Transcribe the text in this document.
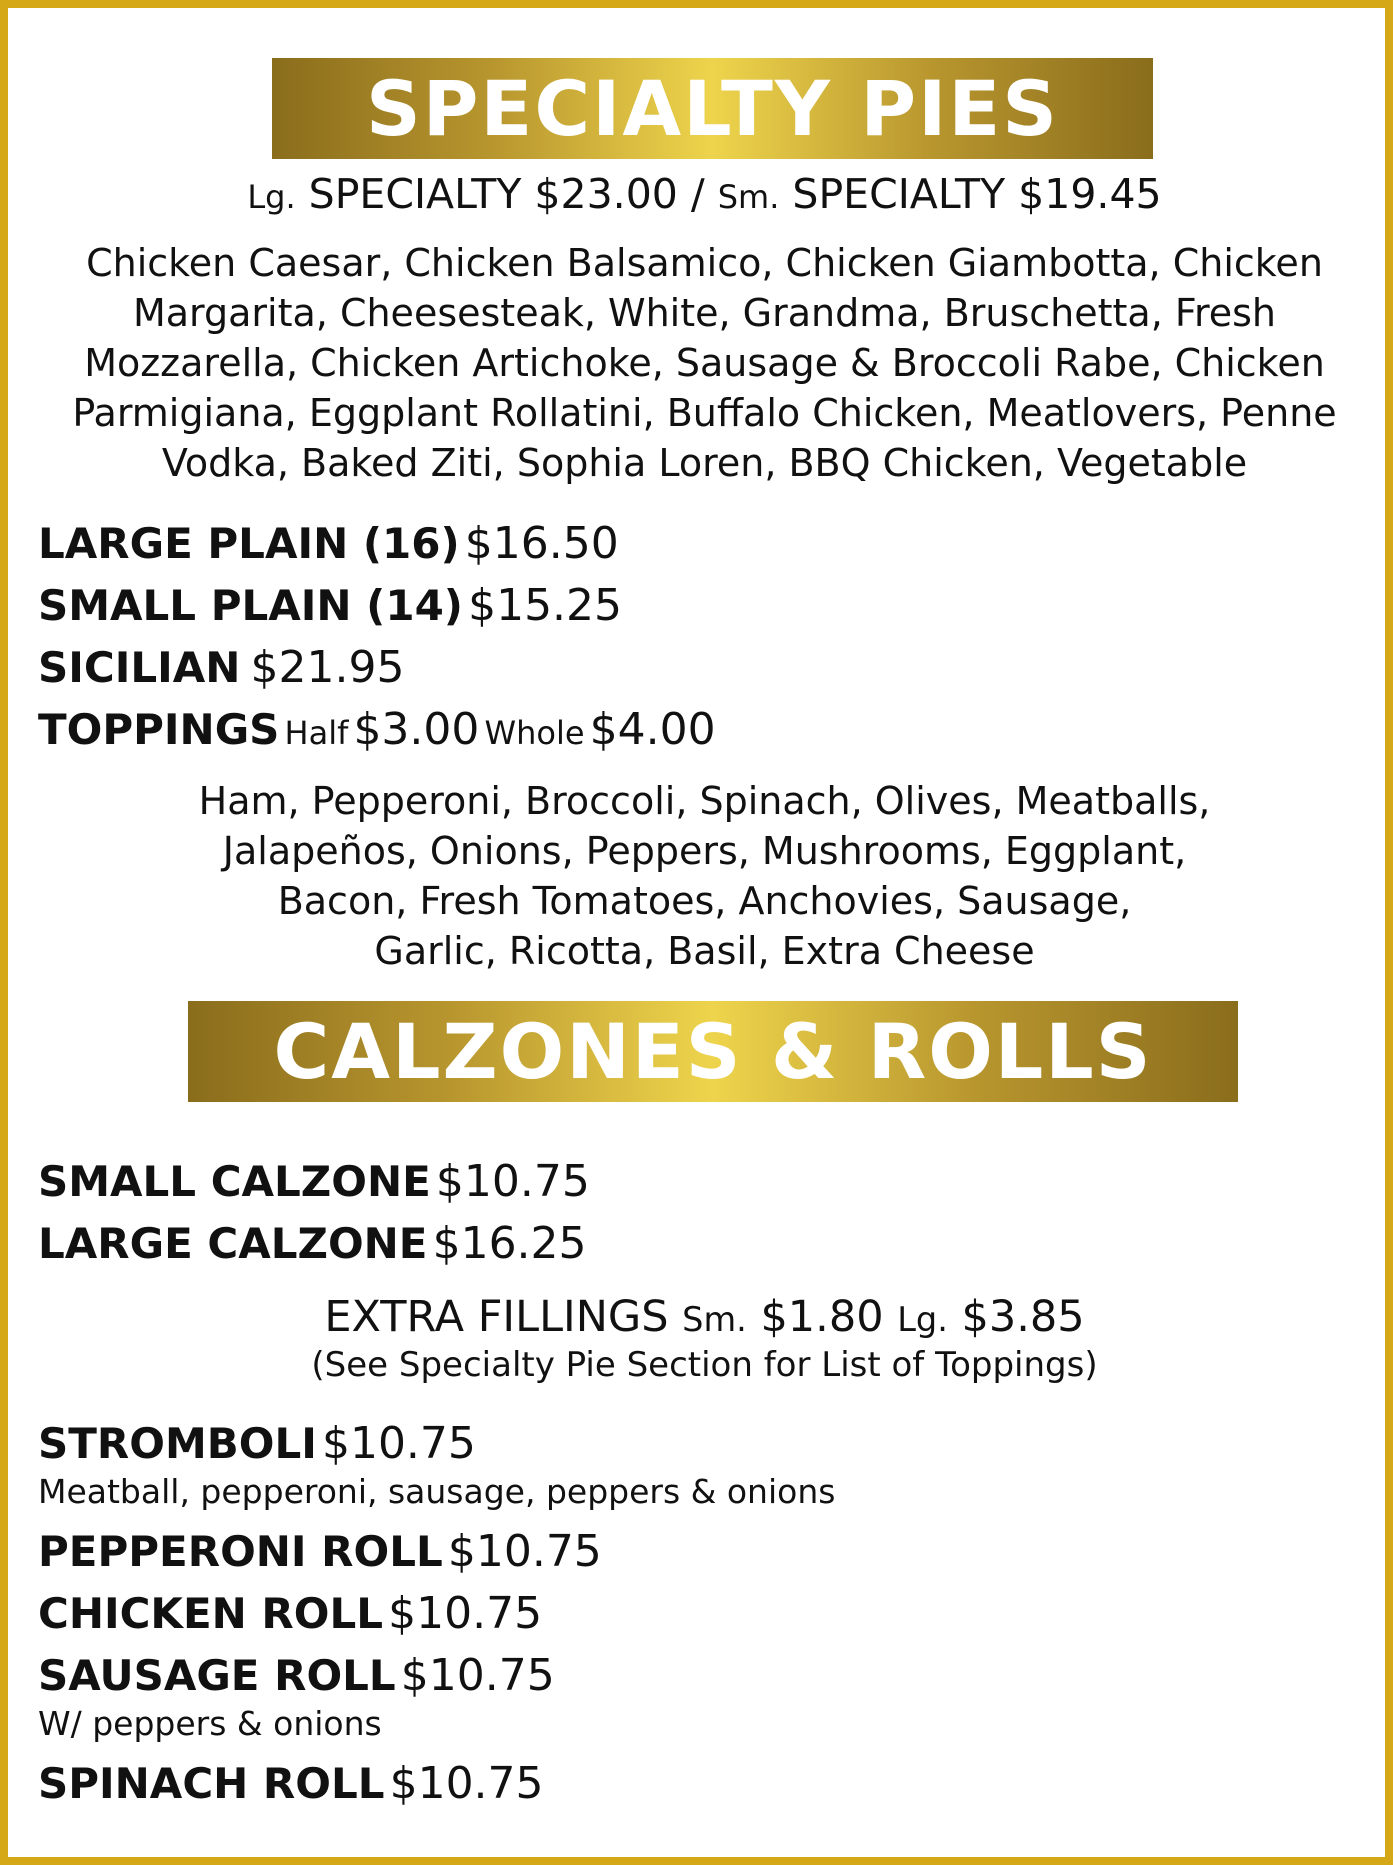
SPECIALTY PIES
Lg. SPECIALTY $23.00 / Sm. SPECIALTY $19.45
Chicken Caesar, Chicken Balsamico, Chicken Giambotta, Chicken Margarita, Cheesesteak, White, Grandma, Bruschetta, Fresh Mozzarella, Chicken Artichoke, Sausage & Broccoli Rabe, Chicken Parmigiana, Eggplant Rollatini, Buffalo Chicken, Meatlovers, Penne Vodka, Baked Ziti, Sophia Loren, BBQ Chicken, Vegetable
LARGE PLAIN (16) $16.50
SMALL PLAIN (14) $15.25
SICILIAN $21.95
TOPPINGS Half $3.00 Whole $4.00
Ham, Pepperoni, Broccoli, Spinach, Olives, Meatballs,
Jalapeños, Onions, Peppers, Mushrooms, Eggplant,
Bacon, Fresh Tomatoes, Anchovies, Sausage,
Garlic, Ricotta, Basil, Extra Cheese
CALZONES & ROLLS
SMALL CALZONE $10.75
LARGE CALZONE $16.25
EXTRA FILLINGS Sm. $1.80 Lg. $3.85
(See Specialty Pie Section for List of Toppings)
STROMBOLI $10.75
Meatball, pepperoni, sausage, peppers & onions
PEPPERONI ROLL $10.75
CHICKEN ROLL $10.75
SAUSAGE ROLL $10.75
W/ peppers & onions
SPINACH ROLL $10.75
